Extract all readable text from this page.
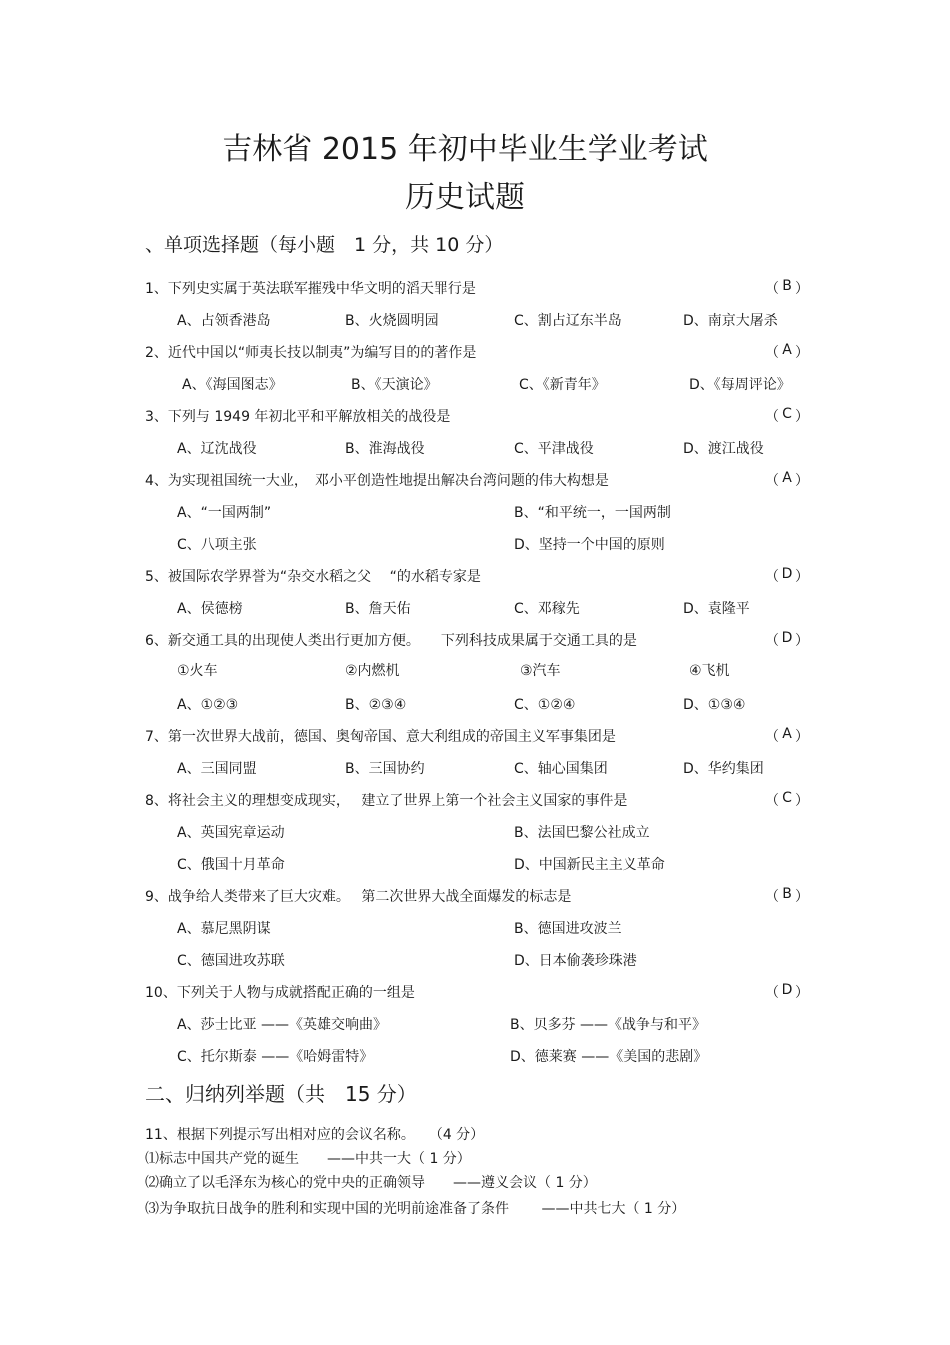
吉林省 2015 年初中毕业生学业考试
历史试题
、单项选择题（每小题　1 分，共 10 分）
1、下列史实属于英法联军摧残中华文明的滔天罪行是	（ B ）
A、占领香港岛	B、火烧圆明园	C、割占辽东半岛	D、南京大屠杀
2、近代中国以“师夷长技以制夷”为编写目的的著作是	（ A ）
A、《海国图志》	B、《天演论》	C、《新青年》	D、《每周评论》
3、下列与 1949 年初北平和平解放相关的战役是	（ C ）
A、辽沈战役	B、淮海战役	C、平津战役	D、渡江战役
4、为实现祖国统一大业，　邓小平创造性地提出解决台湾问题的伟大构想是	（ A ）
A、“一国两制”	B、“和平统一，一国两制
C、八项主张	D、坚持一个中国的原则
5、被国际农学界誉为“杂交水稻之父　 “的水稻专家是	（ D ）
A、侯德榜	B、詹天佑	C、邓稼先	D、袁隆平
6、新交通工具的出现使人类出行更加方便。　　下列科技成果属于交通工具的是	（ D ）
①火车	②内燃机	③汽车	④飞机
A、①②③	B、②③④	C、①②④	D、①③④
7、第一次世界大战前，德国、奥匈帝国、意大利组成的帝国主义军事集团是	（ A ）
A、三国同盟	B、三国协约	C、轴心国集团	D、华约集团
8、将社会主义的理想变成现实，　 建立了世界上第一个社会主义国家的事件是	（ C ）
A、英国宪章运动	B、法国巴黎公社成立
C、俄国十月革命	D、中国新民主主义革命
9、战争给人类带来了巨大灾难。　 第二次世界大战全面爆发的标志是	（ B ）
A、慕尼黑阴谋	B、德国进攻波兰
C、德国进攻苏联	D、日本偷袭珍珠港
10、下列关于人物与成就搭配正确的一组是	（ D ）
A、莎士比亚 ——《英雄交响曲》	B、贝多芬 ——《战争与和平》
C、托尔斯泰 ——《哈姆雷特》	D、德莱赛 ——《美国的悲剧》
二、归纳列举题（共　15 分）
11、根据下列提示写出相对应的会议名称。　　（4 分）
⑴标志中国共产党的诞生　　——中共一大（ 1 分）
⑵确立了以毛泽东为核心的党中央的正确领导　　——遵义会议（ 1 分）
⑶为争取抗日战争的胜利和实现中国的光明前途准备了条件　　 ——中共七大（ 1 分）
